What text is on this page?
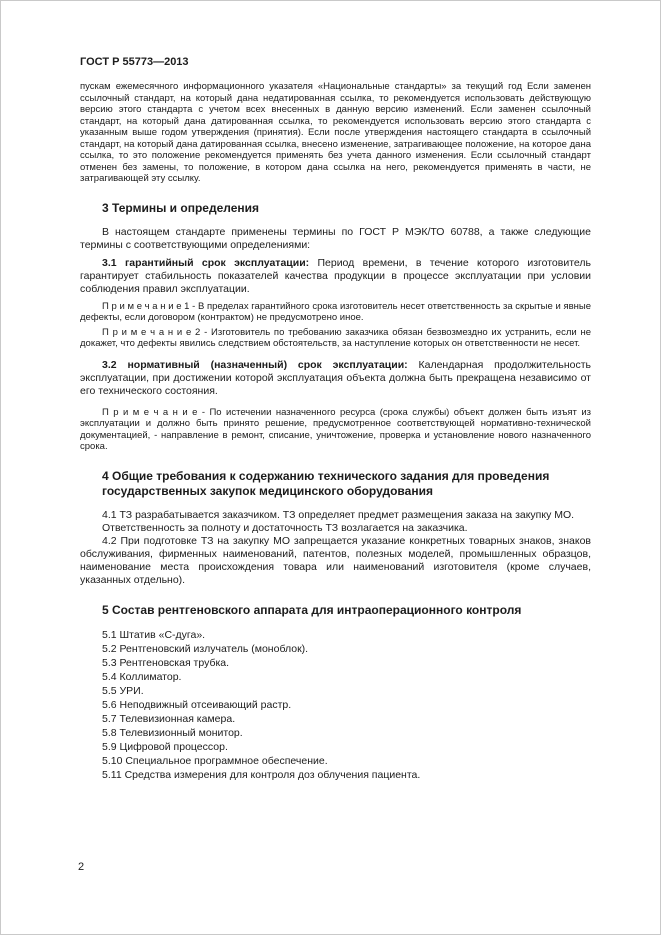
ГОСТ Р 55773—2013

пускам ежемесячного информационного указателя «Национальные стандарты» за текущий год Если заменен ссылочный стандарт, на который дана недатированная ссылка, то рекомендуется использовать действующую версию этого стандарта с учетом всех внесенных в данную версию изменений. Если заменен ссылочный стандарт, на который дана датированная ссылка, то рекомендуется использовать версию этого стандарта с указанным выше годом утверждения (принятия). Если после утверждения настоящего стандарта в ссылочный стандарт, на который дана датированная ссылка, внесено изменение, затрагивающее положение, на которое дана ссылка, то это положение рекомендуется применять без учета данного изменения. Если ссылочный стандарт отменен без замены, то положение, в котором дана ссылка на него, рекомендуется применять в части, не затрагивающей эту ссылку.

3 Термины и определения

В настоящем стандарте применены термины по ГОСТ Р МЭК/ТО 60788, а также следующие термины с соответствующими определениями:

3.1 гарантийный срок эксплуатации: Период времени, в течение которого изготовитель гарантирует стабильность показателей качества продукции в процессе эксплуатации при условии соблюдения правил эксплуатации.

П р и м е ч а н и е 1 - В пределах гарантийного срока изготовитель несет ответственность за скрытые и явные дефекты, если договором (контрактом) не предусмотрено иное.

П р и м е ч а н и е 2 - Изготовитель по требованию заказчика обязан безвозмездно их устранить, если не докажет, что дефекты явились следствием обстоятельств, за наступление которых он ответственности не несет.

3.2 нормативный (назначенный) срок эксплуатации: Календарная продолжительность эксплуатации, при достижении которой эксплуатация объекта должна быть прекращена независимо от его технического состояния.

П р и м е ч а н и е - По истечении назначенного ресурса (срока службы) объект должен быть изъят из эксплуатации и должно быть принято решение, предусмотренное соответствующей нормативно-технической документацией, - направление в ремонт, списание, уничтожение, проверка и установление нового назначенного срока.

4 Общие требования к содержанию технического задания для проведения государственных закупок медицинского оборудования

4.1 ТЗ разрабатывается заказчиком. ТЗ определяет предмет размещения заказа на закупку МО.

Ответственность за полноту и достаточность ТЗ возлагается на заказчика.

4.2 При подготовке ТЗ на закупку МО запрещается указание конкретных товарных знаков, знаков обслуживания, фирменных наименований, патентов, полезных моделей, промышленных образцов, наименование места происхождения товара или наименований изготовителя (кроме случаев, указанных отдельно).

5 Состав рентгеновского аппарата для интраоперационного контроля

5.1 Штатив «С-дуга».

5.2 Рентгеновский излучатель (моноблок).

5.3 Рентгеновская трубка.

5.4 Коллиматор.

5.5 УРИ.

5.6 Неподвижный отсеивающий растр.

5.7 Телевизионная камера.

5.8 Телевизионный монитор.

5.9 Цифровой процессор.

5.10 Специальное программное обеспечение.

5.11 Средства измерения для контроля доз облучения пациента.

2
